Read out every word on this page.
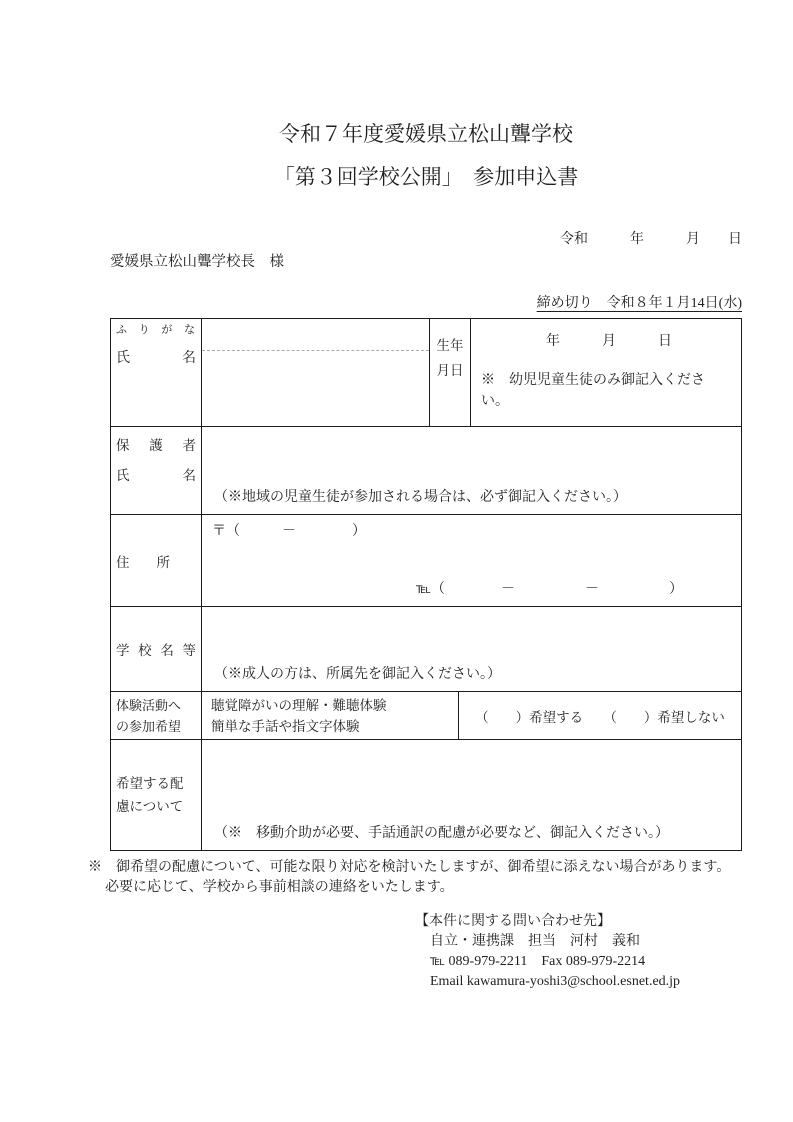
令和７年度愛媛県立松山聾学校
「第３回学校公開」　参加申込書
令和　　　年　　　月　　日
愛媛県立松山聾学校長　様
締め切り　令和８年１月14日(水)
ふりがな
氏名
生年
月日
年　　　月　　　日
※　幼児児童生徒のみ御記入ください。
保護者
氏名
（※地域の児童生徒が参加される場合は、必ず御記入ください。）
住　　所
〒（　　　－　　　　）
℡（　　　　－　　　　　－　　　　　）
学校名等
（※成人の方は、所属先を御記入ください。）
体験活動へ
の参加希望
聴覚障がいの理解・難聴体験
簡単な手話や指文字体験
（　　）希望する　　（　　）希望しない
希望する配
慮について
（※　移動介助が必要、手話通訳の配慮が必要など、御記入ください。）
※　御希望の配慮について、可能な限り対応を検討いたしますが、御希望に添えない場合があります。
必要に応じて、学校から事前相談の連絡をいたします。
【本件に関する問い合わせ先】
自立・連携課　担当　河村　義和
℡ 089‐979‐2211　Fax 089‐979‐2214
Email kawamura-yoshi3@school.esnet.ed.jp
